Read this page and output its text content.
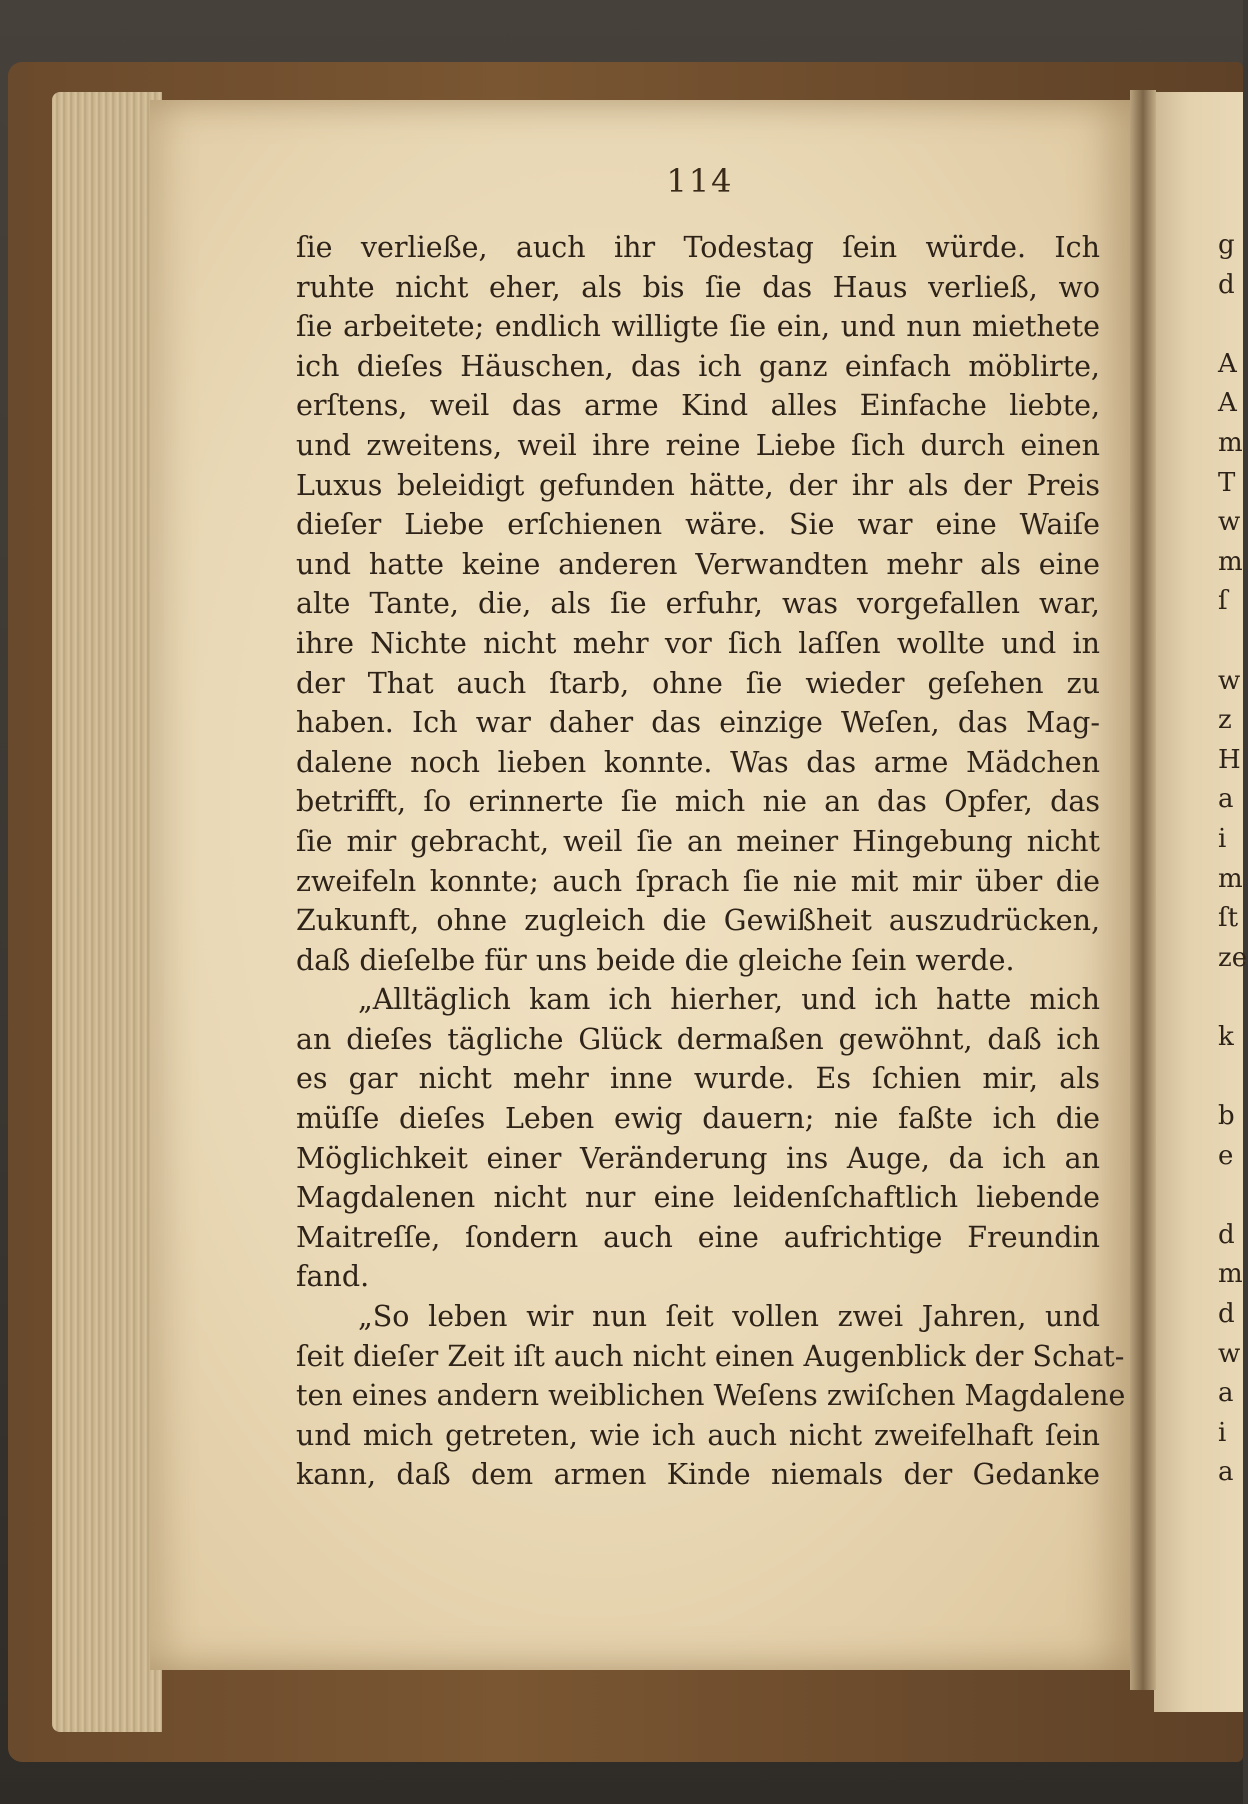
114
ſie verließe, auch ihr Todestag ſein würde. Ich
ruhte nicht eher, als bis ſie das Haus verließ, wo
ſie arbeitete; endlich willigte ſie ein, und nun miethete
ich dieſes Häuschen, das ich ganz einfach möblirte,
erſtens, weil das arme Kind alles Einfache liebte,
und zweitens, weil ihre reine Liebe ſich durch einen
Luxus beleidigt gefunden hätte, der ihr als der Preis
dieſer Liebe erſchienen wäre. Sie war eine Waiſe
und hatte keine anderen Verwandten mehr als eine
alte Tante, die, als ſie erfuhr, was vorgefallen war,
ihre Nichte nicht mehr vor ſich laſſen wollte und in
der That auch ſtarb, ohne ſie wieder geſehen zu
haben. Ich war daher das einzige Weſen, das Mag-
dalene noch lieben konnte. Was das arme Mädchen
betrifft, ſo erinnerte ſie mich nie an das Opfer, das
ſie mir gebracht, weil ſie an meiner Hingebung nicht
zweifeln konnte; auch ſprach ſie nie mit mir über die
Zukunft, ohne zugleich die Gewißheit auszudrücken,
daß dieſelbe für uns beide die gleiche ſein werde.
„Alltäglich kam ich hierher, und ich hatte mich
an dieſes tägliche Glück dermaßen gewöhnt, daß ich
es gar nicht mehr inne wurde. Es ſchien mir, als
müſſe dieſes Leben ewig dauern; nie faßte ich die
Möglichkeit einer Veränderung ins Auge, da ich an
Magdalenen nicht nur eine leidenſchaftlich liebende
Maitreſſe, ſondern auch eine aufrichtige Freundin
fand.
„So leben wir nun ſeit vollen zwei Jahren, und
ſeit dieſer Zeit iſt auch nicht einen Augenblick der Schat-
ten eines andern weiblichen Weſens zwiſchen Magdalene
und mich getreten, wie ich auch nicht zweifelhaft ſein
kann, daß dem armen Kinde niemals der Gedanke
g
d
A
A
m
T
w
m
ſ
w
z
H
a
i
m
ſt
ze
k
b
e
d
m
d
w
a
i
a
